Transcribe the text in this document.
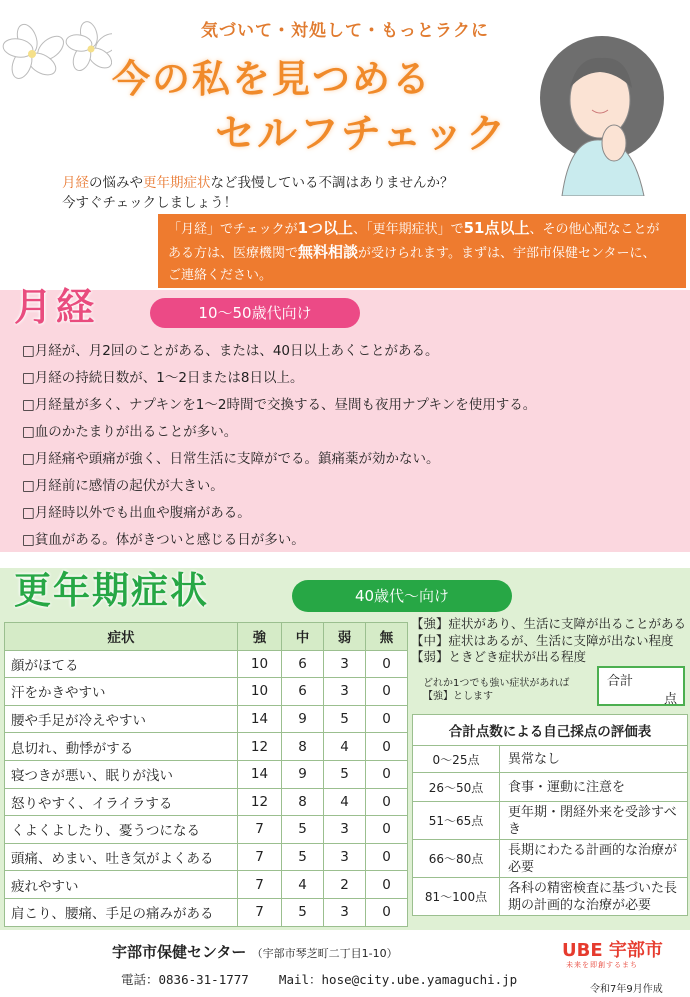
気づいて・対処して・もっとラクに
今の私を見つめる
セルフチェック
月経の悩みや更年期症状など我慢している不調はありませんか？
今すぐチェックしましょう！
「月経」でチェックが1つ以上、「更年期症状」で51点以上、その他心配なことが
ある方は、医療機関で無料相談が受けられます。まずは、宇部市保健センターに、
ご連絡ください。
月経	10～50歳代向け
□月経が、月2回のことがある、または、40日以上あくことがある。
□月経の持続日数が、1～2日または8日以上。
□月経量が多く、ナプキンを1～2時間で交換する、昼間も夜用ナプキンを使用する。
□血のかたまりが出ることが多い。
□月経痛や頭痛が強く、日常生活に支障がでる。鎮痛薬が効かない。
□月経前に感情の起伏が大きい。
□月経時以外でも出血や腹痛がある。
□貧血がある。体がきついと感じる日が多い。
更年期症状	40歳代～向け
症状	強	中	弱	無
顔がほてる	10	6	3	0
汗をかきやすい	10	6	3	0
腰や手足が冷えやすい	14	9	5	0
息切れ、動悸がする	12	8	4	0
寝つきが悪い、眠りが浅い	14	9	5	0
怒りやすく、イライラする	12	8	4	0
くよくよしたり、憂うつになる	7	5	3	0
頭痛、めまい、吐き気がよくある	7	5	3	0
疲れやすい	7	4	2	0
肩こり、腰痛、手足の痛みがある	7	5	3	0
【強】症状があり、生活に支障が出ることがある
【中】症状はあるが、生活に支障が出ない程度
【弱】ときどき症状が出る程度
どれか1つでも強い症状があれば
【強】とします
合計
点
合計点数による自己採点の評価表	
0～25点	異常なし
26～50点	食事・運動に注意を
51～65点	更年期・閉経外来を受診すべき
66～80点	長期にわたる計画的な治療が必要
81～100点	各科の精密検査に基づいた長期の計画的な治療が必要
宇部市保健センター （宇部市琴芝町二丁目1-10）
電話：0836-31-1777 Mail：hose@city.ube.yamaguchi.jp
UBE 宇部市
未来を即創するまち
令和7年9月作成
